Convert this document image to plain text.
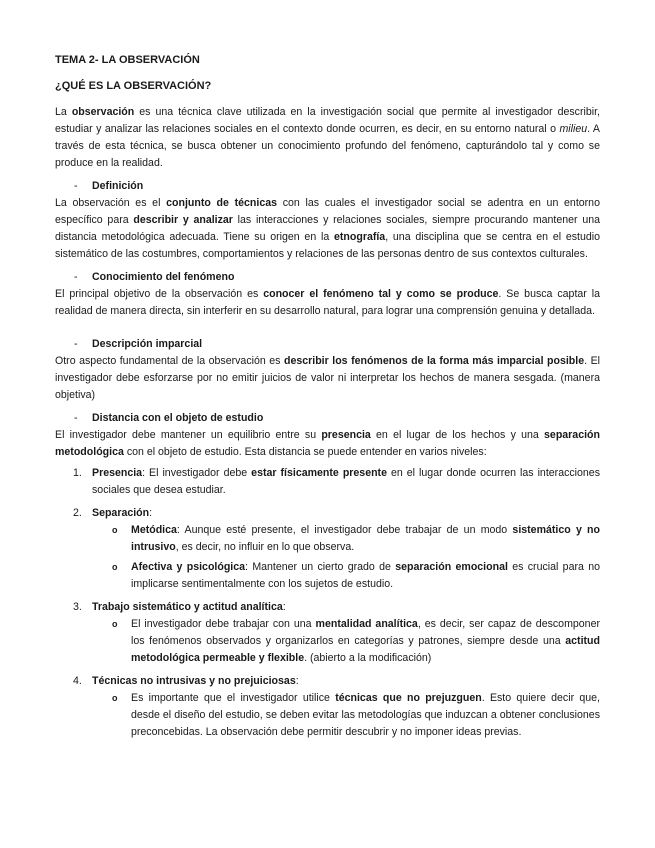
TEMA 2- LA OBSERVACIÓN

¿QUÉ ES LA OBSERVACIÓN?

La observación es una técnica clave utilizada en la investigación social que permite al investigador describir, estudiar y analizar las relaciones sociales en el contexto donde ocurren, es decir, en su entorno natural o milieu. A través de esta técnica, se busca obtener un conocimiento profundo del fenómeno, capturándolo tal y como se produce en la realidad.

- Definición

La observación es el conjunto de técnicas con las cuales el investigador social se adentra en un entorno específico para describir y analizar las interacciones y relaciones sociales, siempre procurando mantener una distancia metodológica adecuada. Tiene su origen en la etnografía, una disciplina que se centra en el estudio sistemático de las costumbres, comportamientos y relaciones de las personas dentro de sus contextos culturales.

- Conocimiento del fenómeno

El principal objetivo de la observación es conocer el fenómeno tal y como se produce. Se busca captar la realidad de manera directa, sin interferir en su desarrollo natural, para lograr una comprensión genuina y detallada.

- Descripción imparcial

Otro aspecto fundamental de la observación es describir los fenómenos de la forma más imparcial posible. El investigador debe esforzarse por no emitir juicios de valor ni interpretar los hechos de manera sesgada. (manera objetiva)

- Distancia con el objeto de estudio

El investigador debe mantener un equilibrio entre su presencia en el lugar de los hechos y una separación metodológica con el objeto de estudio. Esta distancia se puede entender en varios niveles:

1. Presencia: El investigador debe estar físicamente presente en el lugar donde ocurren las interacciones sociales que desea estudiar.

2. Separación:

o Metódica: Aunque esté presente, el investigador debe trabajar de un modo sistemático y no intrusivo, es decir, no influir en lo que observa.

o Afectiva y psicológica: Mantener un cierto grado de separación emocional es crucial para no implicarse sentimentalmente con los sujetos de estudio.

3. Trabajo sistemático y actitud analítica:

o El investigador debe trabajar con una mentalidad analítica, es decir, ser capaz de descomponer los fenómenos observados y organizarlos en categorías y patrones, siempre desde una actitud metodológica permeable y flexible. (abierto a la modificación)

4. Técnicas no intrusivas y no prejuiciosas:

o Es importante que el investigador utilice técnicas que no prejuzguen. Esto quiere decir que, desde el diseño del estudio, se deben evitar las metodologías que induzcan a obtener conclusiones preconcebidas. La observación debe permitir descubrir y no imponer ideas previas.
